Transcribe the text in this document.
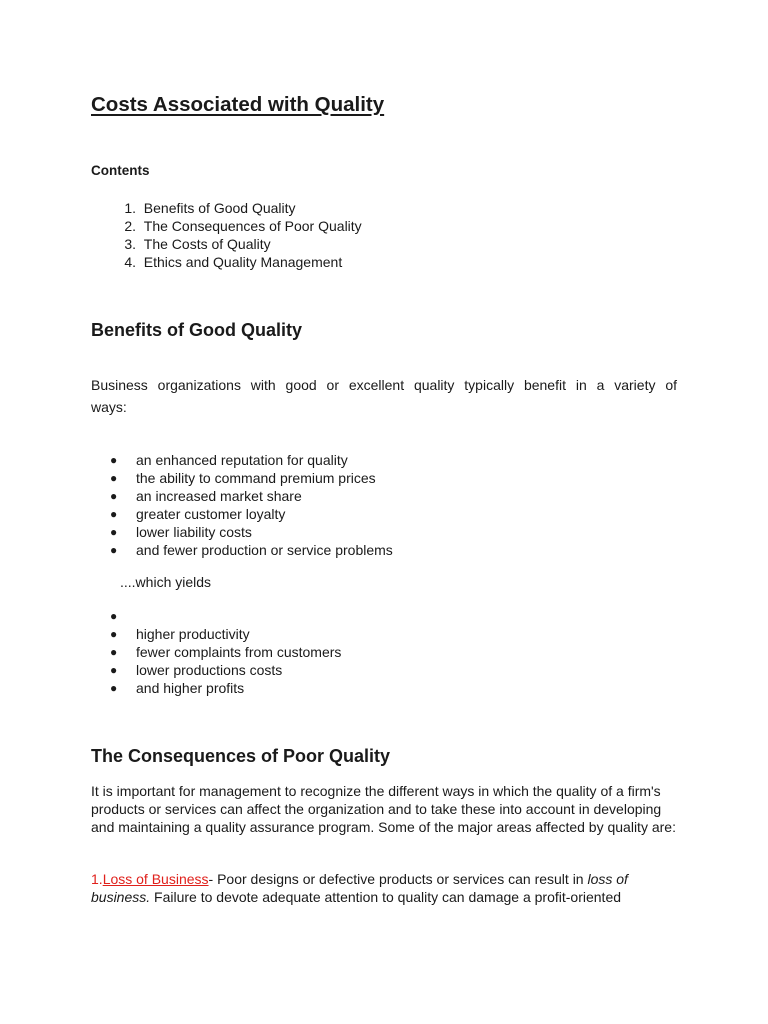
Costs Associated with Quality
Contents
1.
Benefits of Good Quality
2.
The Consequences of Poor Quality
3.
The Costs of Quality
4.
Ethics and Quality Management
Benefits of Good Quality
Business organizations with good or excellent quality typically benefit in a variety of
ways:
●	an enhanced reputation for quality
●	the ability to command premium prices
●	an increased market share
●	greater customer loyalty
●	lower liability costs
●	and fewer production or service problems
....which yields
●
●	higher productivity
●	fewer complaints from customers
●	lower productions costs
●	and higher profits
The Consequences of Poor Quality
It is important for management to recognize the different ways in which the quality of a firm's products or services can affect the organization and to take these into account in developing and maintaining a quality assurance program. Some of the major areas affected by quality are:
1.Loss of Business- Poor designs or defective products or services can result in loss of business. Failure to devote adequate attention to quality can damage a profit-oriented
